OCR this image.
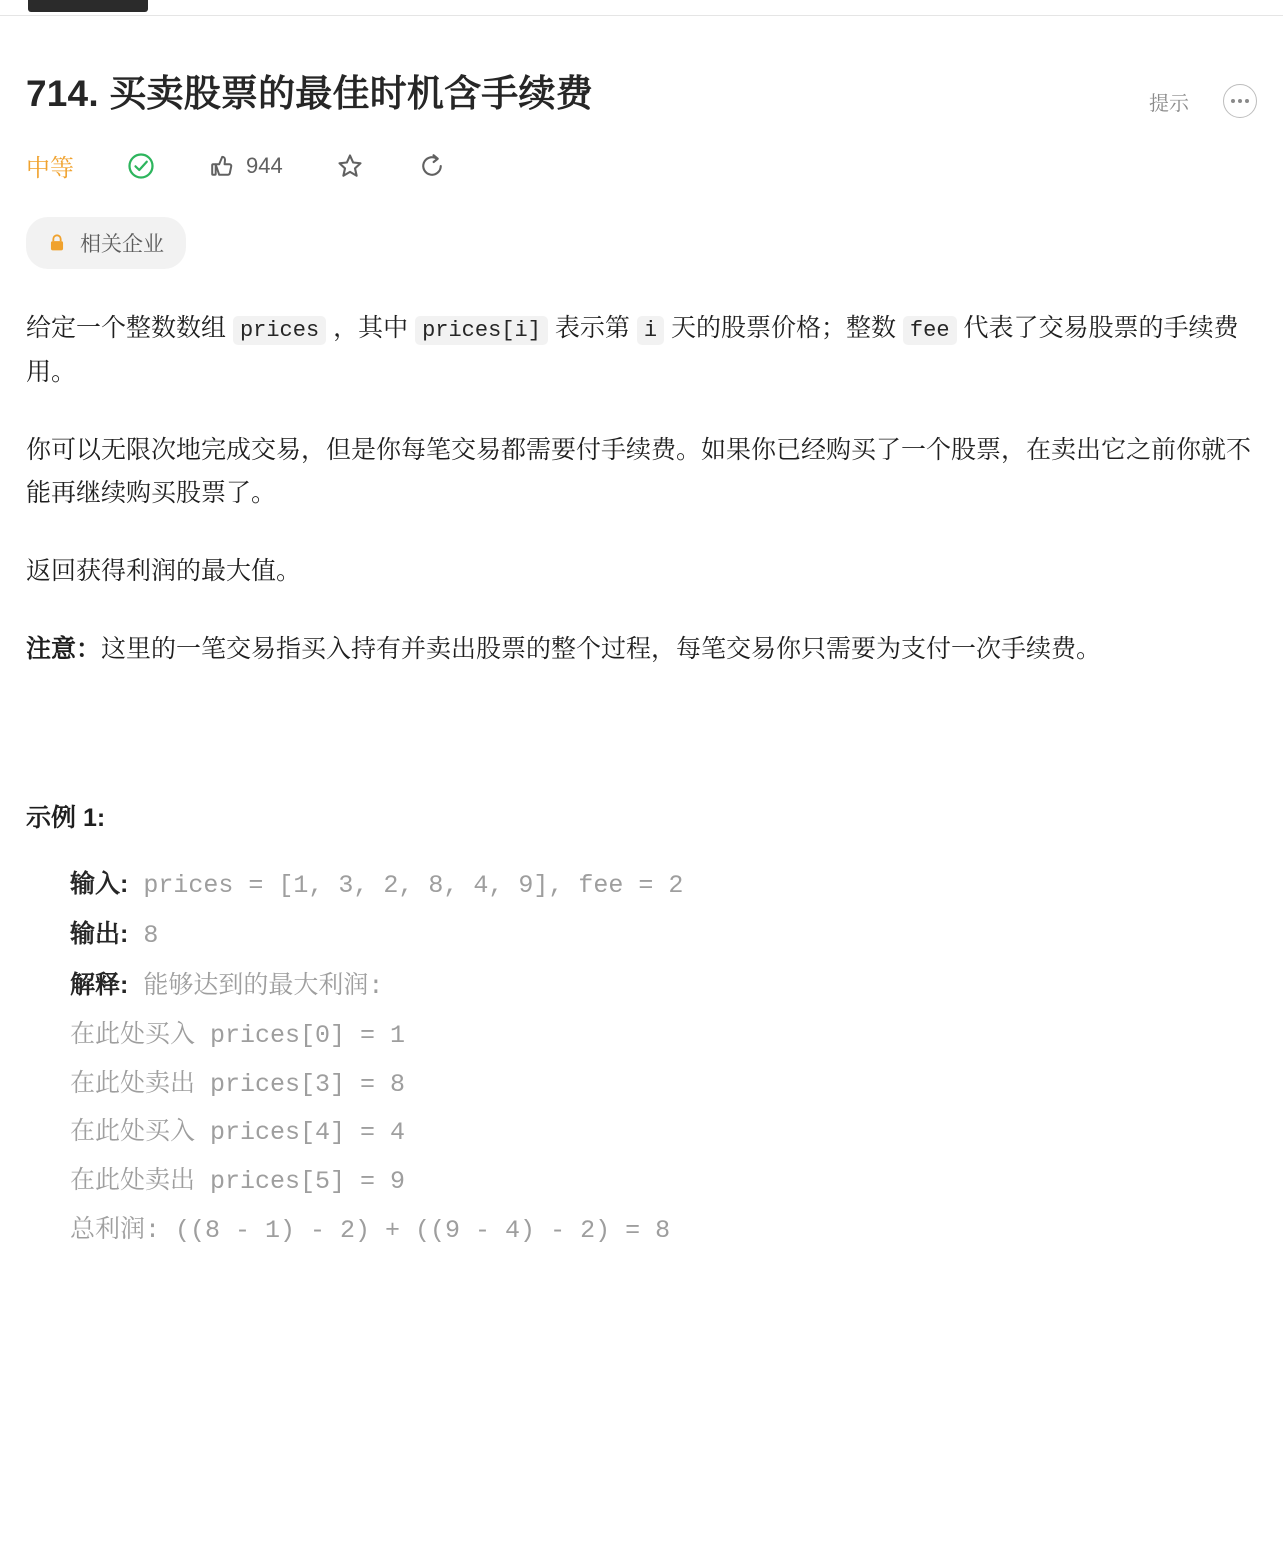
714. 买卖股票的最佳时机含手续费	提示
中等	944
相关企业

给定一个整数数组 prices ，其中 prices[i] 表示第 i 天的股票价格；整数 fee 代表了交易股票的手续费用。

你可以无限次地完成交易，但是你每笔交易都需要付手续费。如果你已经购买了一个股票，在卖出它之前你就不能再继续购买股票了。

返回获得利润的最大值。

注意：这里的一笔交易指买入持有并卖出股票的整个过程，每笔交易你只需要为支付一次手续费。

示例 1:
输入: prices = [1, 3, 2, 8, 4, 9], fee = 2
输出: 8
解释: 能够达到的最大利润:
在此处买入 prices[0] = 1
在此处卖出 prices[3] = 8
在此处买入 prices[4] = 4
在此处卖出 prices[5] = 9
总利润: ((8 - 1) - 2) + ((9 - 4) - 2) = 8
